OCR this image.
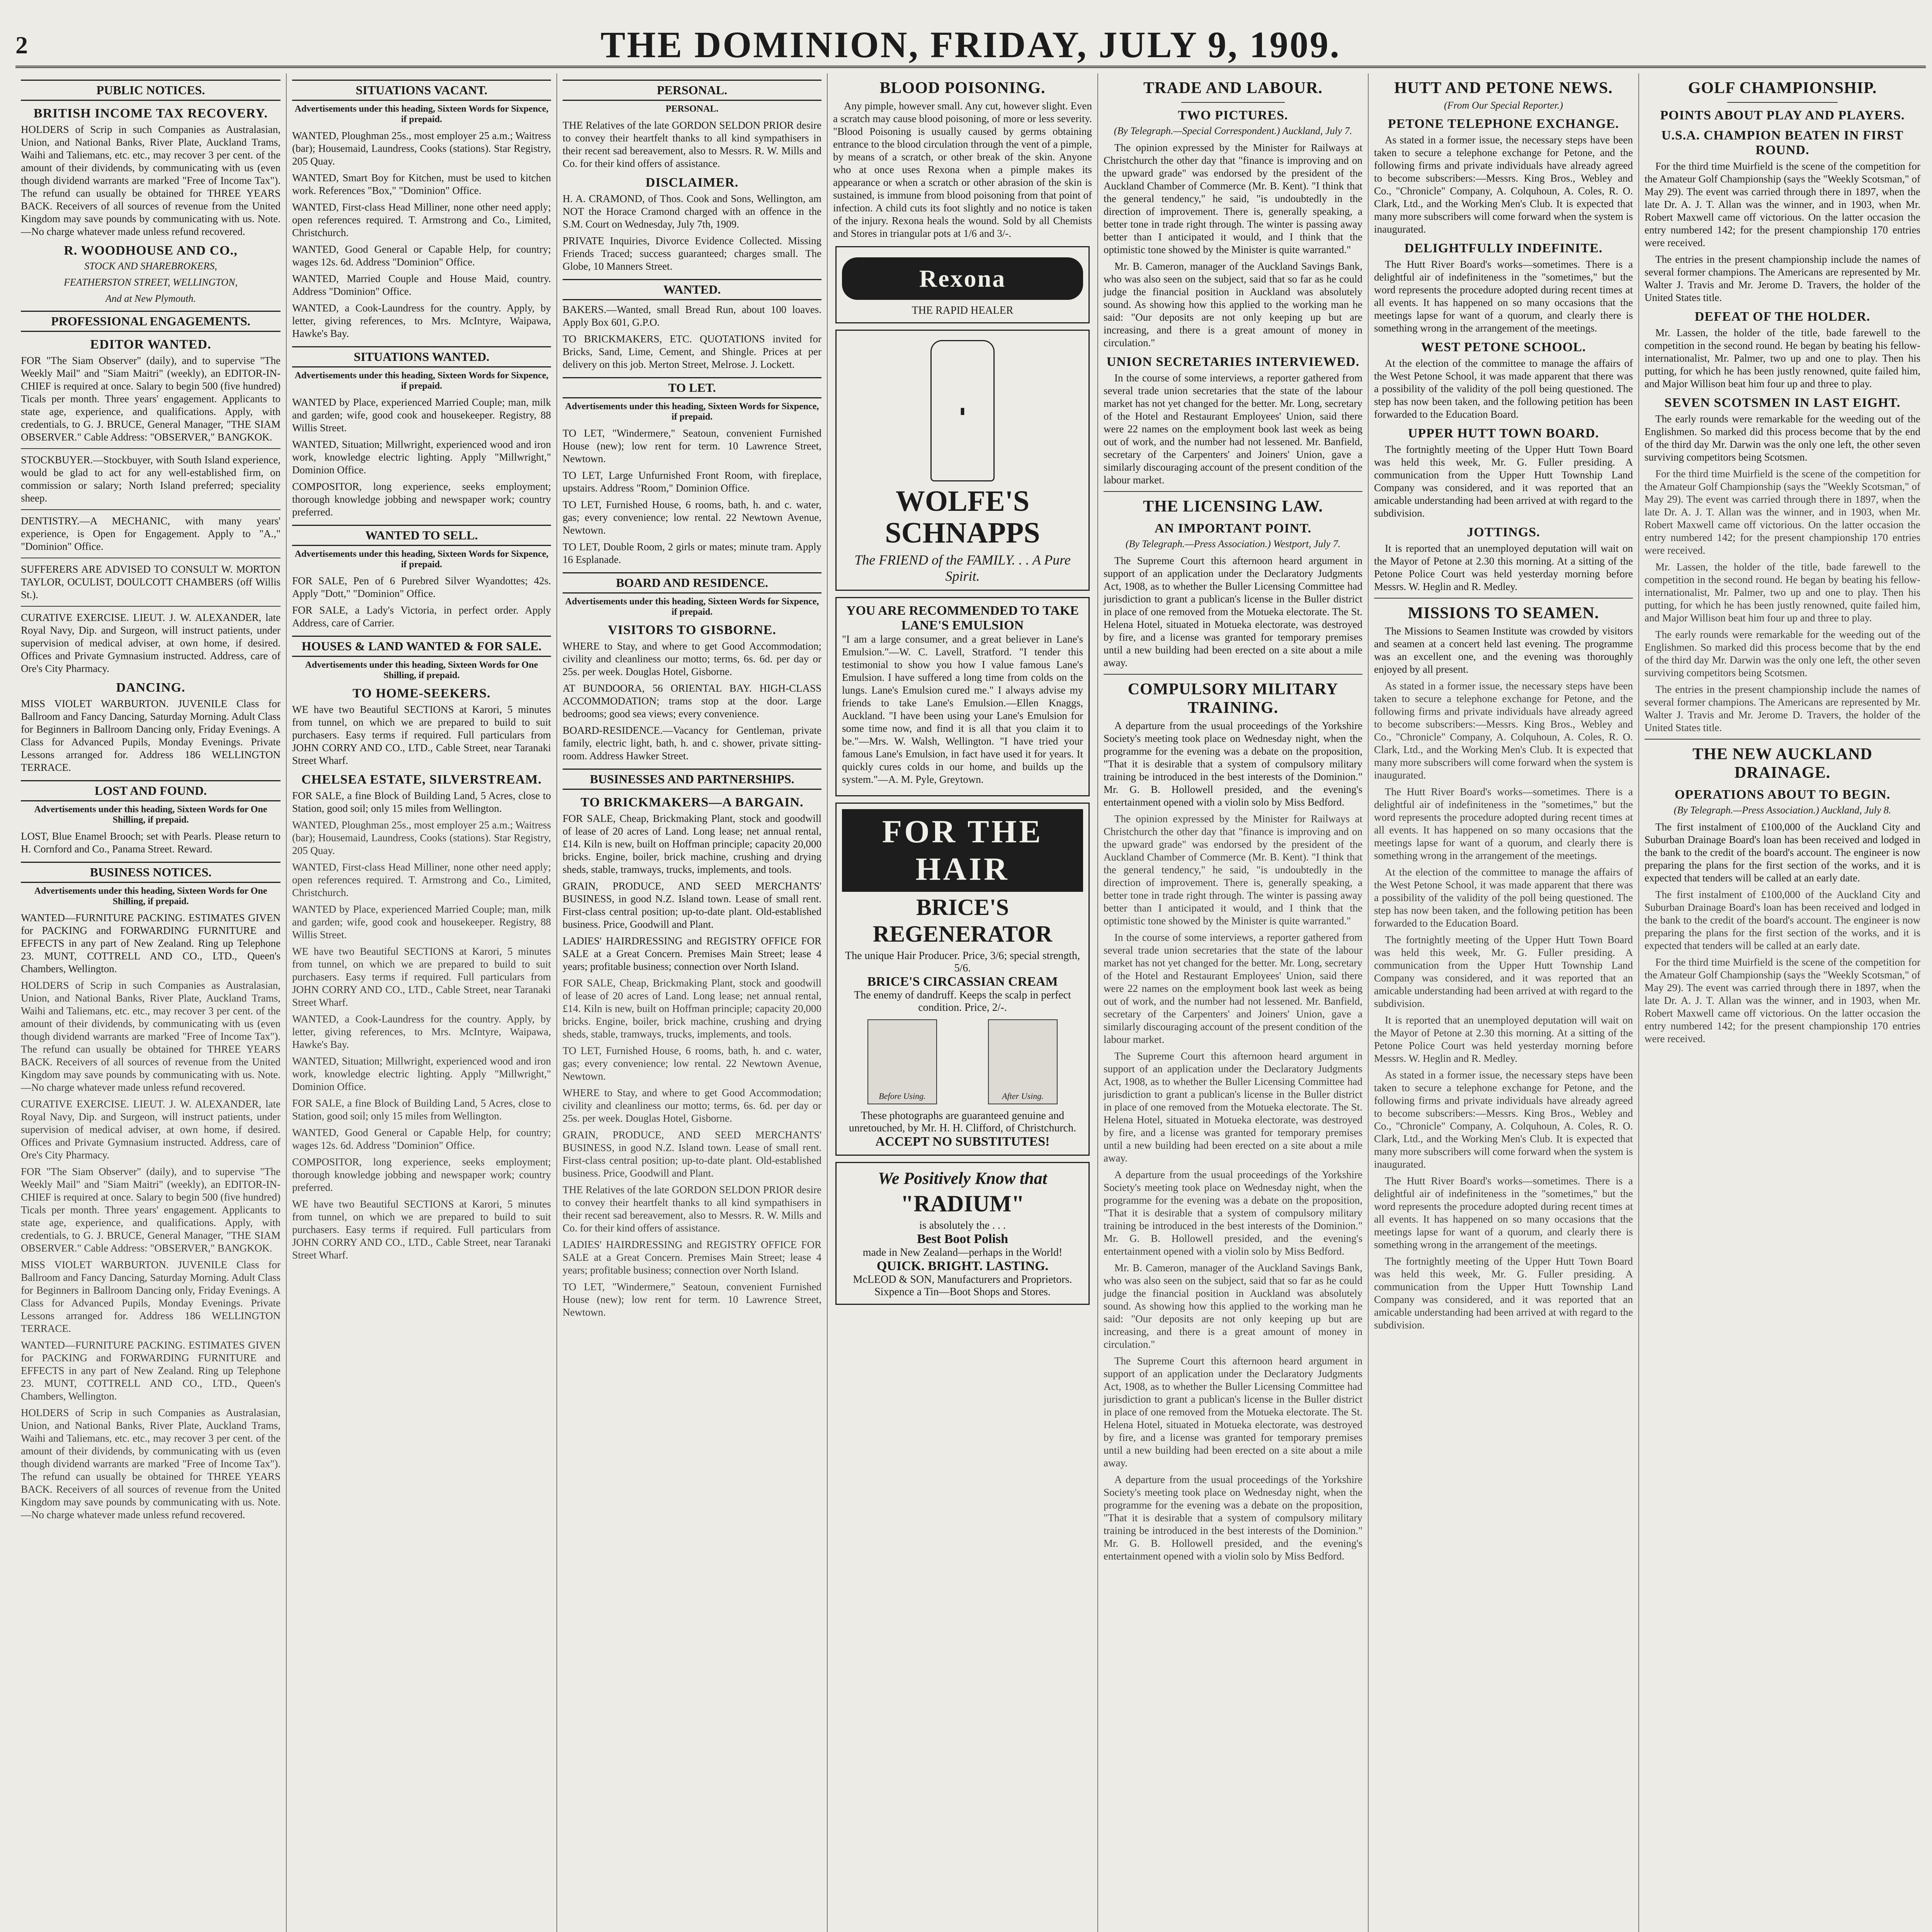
2	THE DOMINION, FRIDAY, JULY 9, 1909.
PUBLIC NOTICES.
BRITISH INCOME TAX RECOVERY.

HOLDERS of Scrip in such Companies as Australasian, Union, and National Banks, River Plate, Auckland Trams, Waihi and Taliemans, etc. etc., may recover 3 per cent. of the amount of their dividends, by communicating with us (even though dividend warrants are marked "Free of Income Tax"). The refund can usually be obtained for THREE YEARS BACK. Receivers of all sources of revenue from the United Kingdom may save pounds by communicating with us. Note.—No charge whatever made unless refund recovered.

R. WOODHOUSE AND CO.,
STOCK AND SHAREBROKERS,
FEATHERSTON STREET, WELLINGTON,
And at New Plymouth.
PROFESSIONAL ENGAGEMENTS.
EDITOR WANTED.

FOR "The Siam Observer" (daily), and to supervise "The Weekly Mail" and "Siam Maitri" (weekly), an EDITOR-IN-CHIEF is required at once. Salary to begin 500 (five hundred) Ticals per month. Three years' engagement. Applicants to state age, experience, and qualifications. Apply, with credentials, to G. J. BRUCE, General Manager, "THE SIAM OBSERVER." Cable Address: "OBSERVER," BANGKOK.

STOCKBUYER.—Stockbuyer, with South Island experience, would be glad to act for any well-established firm, on commission or salary; North Island preferred; speciality sheep.

DENTISTRY.—A MECHANIC, with many years' experience, is Open for Engagement. Apply to "A.," "Dominion" Office.

SUFFERERS ARE ADVISED TO CONSULT W. MORTON TAYLOR, OCULIST, DOULCOTT CHAMBERS (off Willis St.).

CURATIVE EXERCISE. LIEUT. J. W. ALEXANDER, late Royal Navy, Dip. and Surgeon, will instruct patients, under supervision of medical adviser, at own home, if desired. Offices and Private Gymnasium instructed. Address, care of Ore's City Pharmacy.

DANCING.

MISS VIOLET WARBURTON. JUVENILE Class for Ballroom and Fancy Dancing, Saturday Morning. Adult Class for Beginners in Ballroom Dancing only, Friday Evenings. A Class for Advanced Pupils, Monday Evenings. Private Lessons arranged for. Address 186 WELLINGTON TERRACE.

LOST AND FOUND.
Advertisements under this heading, Sixteen Words for One Shilling, if prepaid.

LOST, Blue Enamel Brooch; set with Pearls. Please return to H. Cornford and Co., Panama Street. Reward.

BUSINESS NOTICES.
Advertisements under this heading, Sixteen Words for One Shilling, if prepaid.

WANTED—FURNITURE PACKING. ESTIMATES GIVEN for PACKING and FORWARDING FURNITURE and EFFECTS in any part of New Zealand. Ring up Telephone 23. MUNT, COTTRELL AND CO., LTD., Queen's Chambers, Wellington.

HOLDERS of Scrip in such Companies as Australasian, Union, and National Banks, River Plate, Auckland Trams, Waihi and Taliemans, etc. etc., may recover 3 per cent. of the amount of their dividends, by communicating with us (even though dividend warrants are marked "Free of Income Tax"). The refund can usually be obtained for THREE YEARS BACK. Receivers of all sources of revenue from the United Kingdom may save pounds by communicating with us. Note.—No charge whatever made unless refund recovered.

CURATIVE EXERCISE. LIEUT. J. W. ALEXANDER, late Royal Navy, Dip. and Surgeon, will instruct patients, under supervision of medical adviser, at own home, if desired. Offices and Private Gymnasium instructed. Address, care of Ore's City Pharmacy.

FOR "The Siam Observer" (daily), and to supervise "The Weekly Mail" and "Siam Maitri" (weekly), an EDITOR-IN-CHIEF is required at once. Salary to begin 500 (five hundred) Ticals per month. Three years' engagement. Applicants to state age, experience, and qualifications. Apply, with credentials, to G. J. BRUCE, General Manager, "THE SIAM OBSERVER." Cable Address: "OBSERVER," BANGKOK.

MISS VIOLET WARBURTON. JUVENILE Class for Ballroom and Fancy Dancing, Saturday Morning. Adult Class for Beginners in Ballroom Dancing only, Friday Evenings. A Class for Advanced Pupils, Monday Evenings. Private Lessons arranged for. Address 186 WELLINGTON TERRACE.

WANTED—FURNITURE PACKING. ESTIMATES GIVEN for PACKING and FORWARDING FURNITURE and EFFECTS in any part of New Zealand. Ring up Telephone 23. MUNT, COTTRELL AND CO., LTD., Queen's Chambers, Wellington.

HOLDERS of Scrip in such Companies as Australasian, Union, and National Banks, River Plate, Auckland Trams, Waihi and Taliemans, etc. etc., may recover 3 per cent. of the amount of their dividends, by communicating with us (even though dividend warrants are marked "Free of Income Tax"). The refund can usually be obtained for THREE YEARS BACK. Receivers of all sources of revenue from the United Kingdom may save pounds by communicating with us. Note.—No charge whatever made unless refund recovered.

SITUATIONS VACANT.
Advertisements under this heading, Sixteen Words for Sixpence, if prepaid.

WANTED, Ploughman 25s., most employer 25 a.m.; Waitress (bar); Housemaid, Laundress, Cooks (stations). Star Registry, 205 Quay.

WANTED, Smart Boy for Kitchen, must be used to kitchen work. References "Box," "Dominion" Office.

WANTED, First-class Head Milliner, none other need apply; open references required. T. Armstrong and Co., Limited, Christchurch.

WANTED, Good General or Capable Help, for country; wages 12s. 6d. Address "Dominion" Office.

WANTED, Married Couple and House Maid, country. Address "Dominion" Office.

WANTED, a Cook-Laundress for the country. Apply, by letter, giving references, to Mrs. McIntyre, Waipawa, Hawke's Bay.

SITUATIONS WANTED.
Advertisements under this heading, Sixteen Words for Sixpence, if prepaid.

WANTED by Place, experienced Married Couple; man, milk and garden; wife, good cook and housekeeper. Registry, 88 Willis Street.

WANTED, Situation; Millwright, experienced wood and iron work, knowledge electric lighting. Apply "Millwright," Dominion Office.

COMPOSITOR, long experience, seeks employment; thorough knowledge jobbing and newspaper work; country preferred.

WANTED TO SELL.
Advertisements under this heading, Sixteen Words for Sixpence, if prepaid.

FOR SALE, Pen of 6 Purebred Silver Wyandottes; 42s. Apply "Dott," "Dominion" Office.

FOR SALE, a Lady's Victoria, in perfect order. Apply Address, care of Carrier.

HOUSES & LAND WANTED & FOR SALE.
Advertisements under this heading, Sixteen Words for One Shilling, if prepaid.
TO HOME-SEEKERS.

WE have two Beautiful SECTIONS at Karori, 5 minutes from tunnel, on which we are prepared to build to suit purchasers. Easy terms if required. Full particulars from JOHN CORRY AND CO., LTD., Cable Street, near Taranaki Street Wharf.

CHELSEA ESTATE, SILVERSTREAM.

FOR SALE, a fine Block of Building Land, 5 Acres, close to Station, good soil; only 15 miles from Wellington.

WANTED, Ploughman 25s., most employer 25 a.m.; Waitress (bar); Housemaid, Laundress, Cooks (stations). Star Registry, 205 Quay.

WANTED, First-class Head Milliner, none other need apply; open references required. T. Armstrong and Co., Limited, Christchurch.

WANTED by Place, experienced Married Couple; man, milk and garden; wife, good cook and housekeeper. Registry, 88 Willis Street.

WE have two Beautiful SECTIONS at Karori, 5 minutes from tunnel, on which we are prepared to build to suit purchasers. Easy terms if required. Full particulars from JOHN CORRY AND CO., LTD., Cable Street, near Taranaki Street Wharf.

WANTED, a Cook-Laundress for the country. Apply, by letter, giving references, to Mrs. McIntyre, Waipawa, Hawke's Bay.

WANTED, Situation; Millwright, experienced wood and iron work, knowledge electric lighting. Apply "Millwright," Dominion Office.

FOR SALE, a fine Block of Building Land, 5 Acres, close to Station, good soil; only 15 miles from Wellington.

WANTED, Good General or Capable Help, for country; wages 12s. 6d. Address "Dominion" Office.

COMPOSITOR, long experience, seeks employment; thorough knowledge jobbing and newspaper work; country preferred.

WE have two Beautiful SECTIONS at Karori, 5 minutes from tunnel, on which we are prepared to build to suit purchasers. Easy terms if required. Full particulars from JOHN CORRY AND CO., LTD., Cable Street, near Taranaki Street Wharf.

PERSONAL.
PERSONAL.

THE Relatives of the late GORDON SELDON PRIOR desire to convey their heartfelt thanks to all kind sympathisers in their recent sad bereavement, also to Messrs. R. W. Mills and Co. for their kind offers of assistance.

DISCLAIMER.

H. A. CRAMOND, of Thos. Cook and Sons, Wellington, am NOT the Horace Cramond charged with an offence in the S.M. Court on Wednesday, July 7th, 1909.

PRIVATE Inquiries, Divorce Evidence Collected. Missing Friends Traced; success guaranteed; charges small. The Globe, 10 Manners Street.

WANTED.

BAKERS.—Wanted, small Bread Run, about 100 loaves. Apply Box 601, G.P.O.

TO BRICKMAKERS, ETC. QUOTATIONS invited for Bricks, Sand, Lime, Cement, and Shingle. Prices at per delivery on this job. Merton Street, Melrose. J. Lockett.

TO LET.
Advertisements under this heading, Sixteen Words for Sixpence, if prepaid.

TO LET, "Windermere," Seatoun, convenient Furnished House (new); low rent for term. 10 Lawrence Street, Newtown.

TO LET, Large Unfurnished Front Room, with fireplace, upstairs. Address "Room," Dominion Office.

TO LET, Furnished House, 6 rooms, bath, h. and c. water, gas; every convenience; low rental. 22 Newtown Avenue, Newtown.

TO LET, Double Room, 2 girls or mates; minute tram. Apply 16 Esplanade.

BOARD AND RESIDENCE.
Advertisements under this heading, Sixteen Words for Sixpence, if prepaid.
VISITORS TO GISBORNE.

WHERE to Stay, and where to get Good Accommodation; civility and cleanliness our motto; terms, 6s. 6d. per day or 25s. per week. Douglas Hotel, Gisborne.

AT BUNDOORA, 56 ORIENTAL BAY. HIGH-CLASS ACCOMMODATION; trams stop at the door. Large bedrooms; good sea views; every convenience.

BOARD-RESIDENCE.—Vacancy for Gentleman, private family, electric light, bath, h. and c. shower, private sitting-room. Address Hawker Street.

BUSINESSES AND PARTNERSHIPS.
TO BRICKMAKERS—A BARGAIN.

FOR SALE, Cheap, Brickmaking Plant, stock and goodwill of lease of 20 acres of Land. Long lease; net annual rental, £14. Kiln is new, built on Hoffman principle; capacity 20,000 bricks. Engine, boiler, brick machine, crushing and drying sheds, stable, tramways, trucks, implements, and tools.

GRAIN, PRODUCE, AND SEED MERCHANTS' BUSINESS, in good N.Z. Island town. Lease of small rent. First-class central position; up-to-date plant. Old-established business. Price, Goodwill and Plant.

LADIES' HAIRDRESSING and REGISTRY OFFICE FOR SALE at a Great Concern. Premises Main Street; lease 4 years; profitable business; connection over North Island.

FOR SALE, Cheap, Brickmaking Plant, stock and goodwill of lease of 20 acres of Land. Long lease; net annual rental, £14. Kiln is new, built on Hoffman principle; capacity 20,000 bricks. Engine, boiler, brick machine, crushing and drying sheds, stable, tramways, trucks, implements, and tools.

TO LET, Furnished House, 6 rooms, bath, h. and c. water, gas; every convenience; low rental. 22 Newtown Avenue, Newtown.

WHERE to Stay, and where to get Good Accommodation; civility and cleanliness our motto; terms, 6s. 6d. per day or 25s. per week. Douglas Hotel, Gisborne.

GRAIN, PRODUCE, AND SEED MERCHANTS' BUSINESS, in good N.Z. Island town. Lease of small rent. First-class central position; up-to-date plant. Old-established business. Price, Goodwill and Plant.

THE Relatives of the late GORDON SELDON PRIOR desire to convey their heartfelt thanks to all kind sympathisers in their recent sad bereavement, also to Messrs. R. W. Mills and Co. for their kind offers of assistance.

LADIES' HAIRDRESSING and REGISTRY OFFICE FOR SALE at a Great Concern. Premises Main Street; lease 4 years; profitable business; connection over North Island.

TO LET, "Windermere," Seatoun, convenient Furnished House (new); low rent for term. 10 Lawrence Street, Newtown.

BLOOD POISONING.

Any pimple, however small. Any cut, however slight. Even a scratch may cause blood poisoning, of more or less severity. "Blood Poisoning is usually caused by germs obtaining entrance to the blood circulation through the vent of a pimple, by means of a scratch, or other break of the skin. Anyone who at once uses Rexona when a pimple makes its appearance or when a scratch or other abrasion of the skin is sustained, is immune from blood poisoning from that point of infection. A child cuts its foot slightly and no notice is taken of the injury. Rexona heals the wound. Sold by all Chemists and Stores in triangular pots at 1/6 and 3/-.

Rexona
THE RAPID HEALER
▮
WOLFE'S SCHNAPPS
The FRIEND of the FAMILY. . . A Pure Spirit.
YOU ARE RECOMMENDED TO TAKE LANE'S EMULSION

"I am a large consumer, and a great believer in Lane's Emulsion."—W. C. Lavell, Stratford. "I tender this testimonial to show you how I value famous Lane's Emulsion. I have suffered a long time from colds on the lungs. Lane's Emulsion cured me." I always advise my friends to take Lane's Emulsion.—Ellen Knaggs, Auckland. "I have been using your Lane's Emulsion for some time now, and find it is all that you claim it to be."—Mrs. W. Walsh, Wellington. "I have tried your famous Lane's Emulsion, in fact have used it for years. It quickly cures colds in our home, and builds up the system."—A. M. Pyle, Greytown.

FOR THE HAIR
BRICE'S REGENERATOR
The unique Hair Producer. Price, 3/6; special strength, 5/6.
BRICE'S CIRCASSIAN CREAM
The enemy of dandruff. Keeps the scalp in perfect condition. Price, 2/-.
Before Using.	After Using.
These photographs are guaranteed genuine and unretouched, by Mr. H. H. Clifford, of Christchurch.
ACCEPT NO SUBSTITUTES!
We Positively Know that
"RADIUM"
is absolutely the . . .
Best Boot Polish
made in New Zealand—perhaps in the World!
QUICK. BRIGHT. LASTING.
McLEOD & SON, Manufacturers and Proprietors. Sixpence a Tin—Boot Shops and Stores.
TRADE AND LABOUR.
TWO PICTURES.
(By Telegraph.—Special Correspondent.) Auckland, July 7.

The opinion expressed by the Minister for Railways at Christchurch the other day that "finance is improving and on the upward grade" was endorsed by the president of the Auckland Chamber of Commerce (Mr. B. Kent). "I think that the general tendency," he said, "is undoubtedly in the direction of improvement. There is, generally speaking, a better tone in trade right through. The winter is passing away better than I anticipated it would, and I think that the optimistic tone showed by the Minister is quite warranted."

Mr. B. Cameron, manager of the Auckland Savings Bank, who was also seen on the subject, said that so far as he could judge the financial position in Auckland was absolutely sound. As showing how this applied to the working man he said: "Our deposits are not only keeping up but are increasing, and there is a great amount of money in circulation."

UNION SECRETARIES INTERVIEWED.

In the course of some interviews, a reporter gathered from several trade union secretaries that the state of the labour market has not yet changed for the better. Mr. Long, secretary of the Hotel and Restaurant Employees' Union, said there were 22 names on the employment book last week as being out of work, and the number had not lessened. Mr. Banfield, secretary of the Carpenters' and Joiners' Union, gave a similarly discouraging account of the present condition of the labour market.

THE LICENSING LAW.
AN IMPORTANT POINT.
(By Telegraph.—Press Association.) Westport, July 7.

The Supreme Court this afternoon heard argument in support of an application under the Declaratory Judgments Act, 1908, as to whether the Buller Licensing Committee had jurisdiction to grant a publican's license in the Buller district in place of one removed from the Motueka electorate. The St. Helena Hotel, situated in Motueka electorate, was destroyed by fire, and a license was granted for temporary premises until a new building had been erected on a site about a mile away.

COMPULSORY MILITARY TRAINING.

A departure from the usual proceedings of the Yorkshire Society's meeting took place on Wednesday night, when the programme for the evening was a debate on the proposition, "That it is desirable that a system of compulsory military training be introduced in the best interests of the Dominion." Mr. G. B. Hollowell presided, and the evening's entertainment opened with a violin solo by Miss Bedford.

The opinion expressed by the Minister for Railways at Christchurch the other day that "finance is improving and on the upward grade" was endorsed by the president of the Auckland Chamber of Commerce (Mr. B. Kent). "I think that the general tendency," he said, "is undoubtedly in the direction of improvement. There is, generally speaking, a better tone in trade right through. The winter is passing away better than I anticipated it would, and I think that the optimistic tone showed by the Minister is quite warranted."

In the course of some interviews, a reporter gathered from several trade union secretaries that the state of the labour market has not yet changed for the better. Mr. Long, secretary of the Hotel and Restaurant Employees' Union, said there were 22 names on the employment book last week as being out of work, and the number had not lessened. Mr. Banfield, secretary of the Carpenters' and Joiners' Union, gave a similarly discouraging account of the present condition of the labour market.

The Supreme Court this afternoon heard argument in support of an application under the Declaratory Judgments Act, 1908, as to whether the Buller Licensing Committee had jurisdiction to grant a publican's license in the Buller district in place of one removed from the Motueka electorate. The St. Helena Hotel, situated in Motueka electorate, was destroyed by fire, and a license was granted for temporary premises until a new building had been erected on a site about a mile away.

A departure from the usual proceedings of the Yorkshire Society's meeting took place on Wednesday night, when the programme for the evening was a debate on the proposition, "That it is desirable that a system of compulsory military training be introduced in the best interests of the Dominion." Mr. G. B. Hollowell presided, and the evening's entertainment opened with a violin solo by Miss Bedford.

Mr. B. Cameron, manager of the Auckland Savings Bank, who was also seen on the subject, said that so far as he could judge the financial position in Auckland was absolutely sound. As showing how this applied to the working man he said: "Our deposits are not only keeping up but are increasing, and there is a great amount of money in circulation."

The Supreme Court this afternoon heard argument in support of an application under the Declaratory Judgments Act, 1908, as to whether the Buller Licensing Committee had jurisdiction to grant a publican's license in the Buller district in place of one removed from the Motueka electorate. The St. Helena Hotel, situated in Motueka electorate, was destroyed by fire, and a license was granted for temporary premises until a new building had been erected on a site about a mile away.

A departure from the usual proceedings of the Yorkshire Society's meeting took place on Wednesday night, when the programme for the evening was a debate on the proposition, "That it is desirable that a system of compulsory military training be introduced in the best interests of the Dominion." Mr. G. B. Hollowell presided, and the evening's entertainment opened with a violin solo by Miss Bedford.

HUTT AND PETONE NEWS.
(From Our Special Reporter.)
PETONE TELEPHONE EXCHANGE.

As stated in a former issue, the necessary steps have been taken to secure a telephone exchange for Petone, and the following firms and private individuals have already agreed to become subscribers:—Messrs. King Bros., Webley and Co., "Chronicle" Company, A. Colquhoun, A. Coles, R. O. Clark, Ltd., and the Working Men's Club. It is expected that many more subscribers will come forward when the system is inaugurated.

DELIGHTFULLY INDEFINITE.

The Hutt River Board's works—sometimes. There is a delightful air of indefiniteness in the "sometimes," but the word represents the procedure adopted during recent times at all events. It has happened on so many occasions that the meetings lapse for want of a quorum, and clearly there is something wrong in the arrangement of the meetings.

WEST PETONE SCHOOL.

At the election of the committee to manage the affairs of the West Petone School, it was made apparent that there was a possibility of the validity of the poll being questioned. The step has now been taken, and the following petition has been forwarded to the Education Board.

UPPER HUTT TOWN BOARD.

The fortnightly meeting of the Upper Hutt Town Board was held this week, Mr. G. Fuller presiding. A communication from the Upper Hutt Township Land Company was considered, and it was reported that an amicable understanding had been arrived at with regard to the subdivision.

JOTTINGS.

It is reported that an unemployed deputation will wait on the Mayor of Petone at 2.30 this morning. At a sitting of the Petone Police Court was held yesterday morning before Messrs. W. Heglin and R. Medley.

MISSIONS TO SEAMEN.

The Missions to Seamen Institute was crowded by visitors and seamen at a concert held last evening. The programme was an excellent one, and the evening was thoroughly enjoyed by all present.

As stated in a former issue, the necessary steps have been taken to secure a telephone exchange for Petone, and the following firms and private individuals have already agreed to become subscribers:—Messrs. King Bros., Webley and Co., "Chronicle" Company, A. Colquhoun, A. Coles, R. O. Clark, Ltd., and the Working Men's Club. It is expected that many more subscribers will come forward when the system is inaugurated.

The Hutt River Board's works—sometimes. There is a delightful air of indefiniteness in the "sometimes," but the word represents the procedure adopted during recent times at all events. It has happened on so many occasions that the meetings lapse for want of a quorum, and clearly there is something wrong in the arrangement of the meetings.

At the election of the committee to manage the affairs of the West Petone School, it was made apparent that there was a possibility of the validity of the poll being questioned. The step has now been taken, and the following petition has been forwarded to the Education Board.

The fortnightly meeting of the Upper Hutt Town Board was held this week, Mr. G. Fuller presiding. A communication from the Upper Hutt Township Land Company was considered, and it was reported that an amicable understanding had been arrived at with regard to the subdivision.

It is reported that an unemployed deputation will wait on the Mayor of Petone at 2.30 this morning. At a sitting of the Petone Police Court was held yesterday morning before Messrs. W. Heglin and R. Medley.

As stated in a former issue, the necessary steps have been taken to secure a telephone exchange for Petone, and the following firms and private individuals have already agreed to become subscribers:—Messrs. King Bros., Webley and Co., "Chronicle" Company, A. Colquhoun, A. Coles, R. O. Clark, Ltd., and the Working Men's Club. It is expected that many more subscribers will come forward when the system is inaugurated.

The Hutt River Board's works—sometimes. There is a delightful air of indefiniteness in the "sometimes," but the word represents the procedure adopted during recent times at all events. It has happened on so many occasions that the meetings lapse for want of a quorum, and clearly there is something wrong in the arrangement of the meetings.

The fortnightly meeting of the Upper Hutt Town Board was held this week, Mr. G. Fuller presiding. A communication from the Upper Hutt Township Land Company was considered, and it was reported that an amicable understanding had been arrived at with regard to the subdivision.

GOLF CHAMPIONSHIP.
POINTS ABOUT PLAY AND PLAYERS.
U.S.A. CHAMPION BEATEN IN FIRST ROUND.

For the third time Muirfield is the scene of the competition for the Amateur Golf Championship (says the "Weekly Scotsman," of May 29). The event was carried through there in 1897, when the late Dr. A. J. T. Allan was the winner, and in 1903, when Mr. Robert Maxwell came off victorious. On the latter occasion the entry numbered 142; for the present championship 170 entries were received.

The entries in the present championship include the names of several former champions. The Americans are represented by Mr. Walter J. Travis and Mr. Jerome D. Travers, the holder of the United States title.

DEFEAT OF THE HOLDER.

Mr. Lassen, the holder of the title, bade farewell to the competition in the second round. He began by beating his fellow-internationalist, Mr. Palmer, two up and one to play. Then his putting, for which he has been justly renowned, quite failed him, and Major Willison beat him four up and three to play.

SEVEN SCOTSMEN IN LAST EIGHT.

The early rounds were remarkable for the weeding out of the Englishmen. So marked did this process become that by the end of the third day Mr. Darwin was the only one left, the other seven surviving competitors being Scotsmen.

For the third time Muirfield is the scene of the competition for the Amateur Golf Championship (says the "Weekly Scotsman," of May 29). The event was carried through there in 1897, when the late Dr. A. J. T. Allan was the winner, and in 1903, when Mr. Robert Maxwell came off victorious. On the latter occasion the entry numbered 142; for the present championship 170 entries were received.

Mr. Lassen, the holder of the title, bade farewell to the competition in the second round. He began by beating his fellow-internationalist, Mr. Palmer, two up and one to play. Then his putting, for which he has been justly renowned, quite failed him, and Major Willison beat him four up and three to play.

The early rounds were remarkable for the weeding out of the Englishmen. So marked did this process become that by the end of the third day Mr. Darwin was the only one left, the other seven surviving competitors being Scotsmen.

The entries in the present championship include the names of several former champions. The Americans are represented by Mr. Walter J. Travis and Mr. Jerome D. Travers, the holder of the United States title.

THE NEW AUCKLAND DRAINAGE.
OPERATIONS ABOUT TO BEGIN.
(By Telegraph.—Press Association.) Auckland, July 8.

The first instalment of £100,000 of the Auckland City and Suburban Drainage Board's loan has been received and lodged in the bank to the credit of the board's account. The engineer is now preparing the plans for the first section of the works, and it is expected that tenders will be called at an early date.

The first instalment of £100,000 of the Auckland City and Suburban Drainage Board's loan has been received and lodged in the bank to the credit of the board's account. The engineer is now preparing the plans for the first section of the works, and it is expected that tenders will be called at an early date.

For the third time Muirfield is the scene of the competition for the Amateur Golf Championship (says the "Weekly Scotsman," of May 29). The event was carried through there in 1897, when the late Dr. A. J. T. Allan was the winner, and in 1903, when Mr. Robert Maxwell came off victorious. On the latter occasion the entry numbered 142; for the present championship 170 entries were received.
